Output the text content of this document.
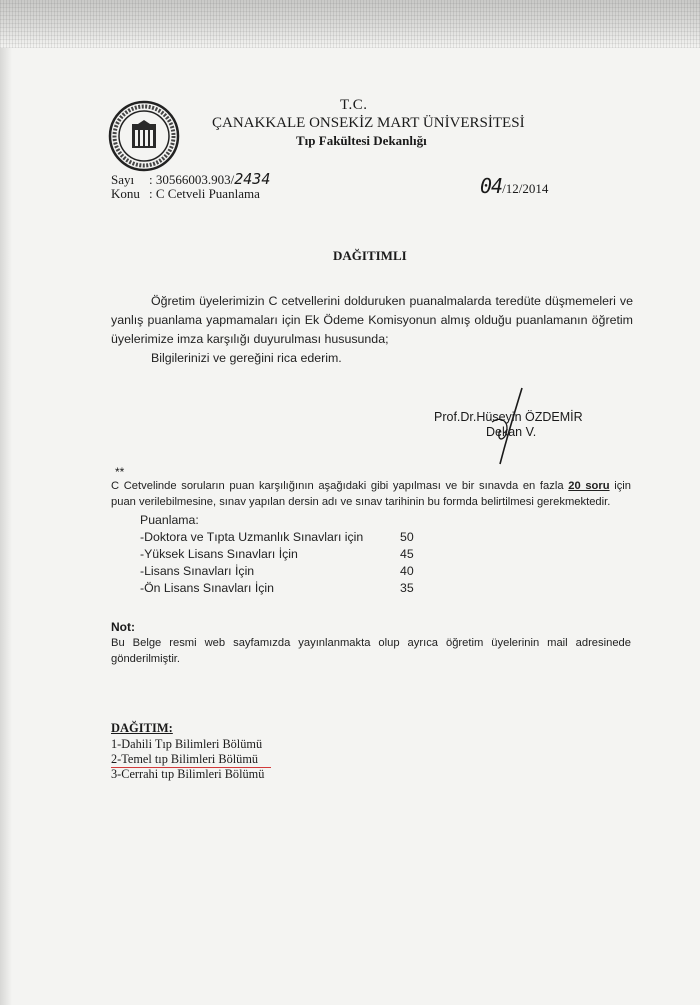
T.C.
ÇANAKKALE ONSEKİZ MART ÜNİVERSİTESİ
Tıp Fakültesi Dekanlığı
Sayı : 30566003.903/2434
Konu : C Cetveli Puanlama	04/12/2014
DAĞITIMLI
Öğretim üyelerimizin C cetvellerini dolduruken puanalmalarda teredüte düşmemeleri ve yanlış puanlama yapmamaları için Ek Ödeme Komisyonun almış olduğu puanlamanın öğretim üyelerimize imza karşılığı duyurulması hususunda;
Bilgilerinizi ve gereğini rica ederim.
Prof.Dr.Hüseyin ÖZDEMİR
Dekan V.
**
C Cetvelinde soruların puan karşılığının aşağıdaki gibi yapılması ve bir sınavda en fazla 20 soru için puan verilebilmesine, sınav yapılan dersin adı ve sınav tarihinin bu formda belirtilmesi gerekmektedir.
Puanlama:
-Doktora ve Tıpta Uzmanlık Sınavları için	50
-Yüksek Lisans Sınavları İçin	45
-Lisans Sınavları İçin	40
-Ön Lisans Sınavları İçin	35
Not:
Bu Belge resmi web sayfamızda yayınlanmakta olup ayrıca öğretim üyelerinin mail adresinede gönderilmiştir.
DAĞITIM:
1-Dahili Tıp Bilimleri Bölümü
2-Temel tıp Bilimleri Bölümü
3-Cerrahi tıp Bilimleri Bölümü
